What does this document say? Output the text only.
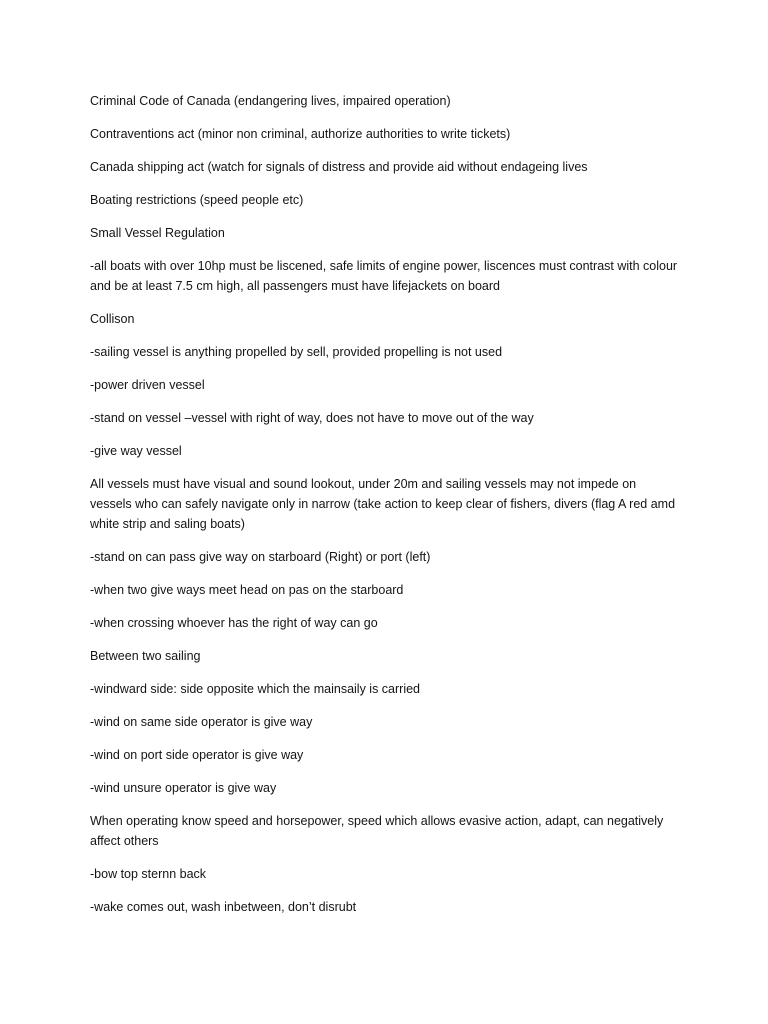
Criminal Code of Canada (endangering lives, impaired operation)

Contraventions act (minor non criminal, authorize authorities to write tickets)

Canada shipping act (watch for signals of distress and provide aid without endageing lives

Boating restrictions (speed people etc)

Small Vessel Regulation

-all boats with over 10hp must be liscened, safe limits of engine power, liscences must contrast with colour and be at least 7.5 cm high, all passengers must have lifejackets on board

Collison

-sailing vessel is anything propelled by sell, provided propelling is not used

-power driven vessel

-stand on vessel –vessel with right of way, does not have to move out of the way

-give way vessel

All vessels must have visual and sound lookout, under 20m and sailing vessels may not impede on vessels who can safely navigate only in narrow (take action to keep clear of fishers, divers (flag A red amd white strip and saling boats)

-stand on can pass give way on starboard (Right) or port (left)

-when two give ways meet head on pas on the starboard

-when crossing whoever has the right of way can go

Between two sailing

-windward side: side opposite which the mainsaily is carried

-wind on same side operator is give way

-wind on port side operator is give way

-wind unsure operator is give way

When operating know speed and horsepower, speed which allows evasive action, adapt, can negatively affect others

-bow top sternn back

-wake comes out, wash inbetween, don’t disrubt
